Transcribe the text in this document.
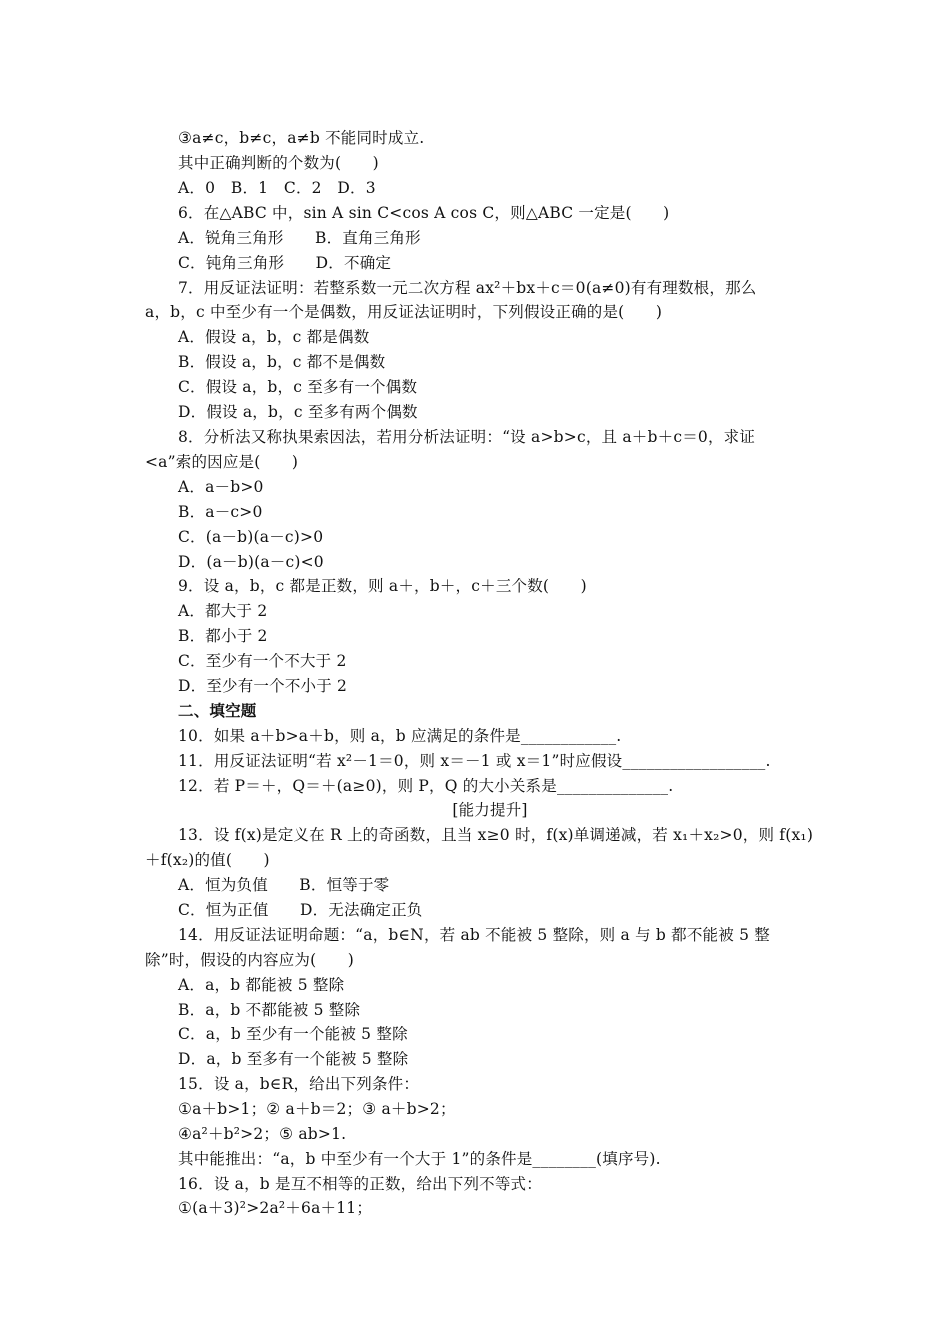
③a≠c，b≠c，a≠b 不能同时成立.
其中正确判断的个数为(　　)
A．0　B．1　C．2　D．3
6．在△ABC 中，sin A sin C<cos A cos C，则△ABC 一定是(　　)
A．锐角三角形　　B．直角三角形
C．钝角三角形　　D．不确定
7．用反证法证明：若整系数一元二次方程 ax²＋bx＋c＝0(a≠0)有有理数根，那么
a，b，c 中至少有一个是偶数，用反证法证明时，下列假设正确的是(　　)
A．假设 a，b，c 都是偶数
B．假设 a，b，c 都不是偶数
C．假设 a，b，c 至多有一个偶数
D．假设 a，b，c 至多有两个偶数
8．分析法又称执果索因法，若用分析法证明：“设 a>b>c，且 a＋b＋c＝0，求证
<a”索的因应是(　　)
A．a－b>0
B．a－c>0
C．(a－b)(a－c)>0
D．(a－b)(a－c)<0
9．设 a，b，c 都是正数，则 a＋，b＋，c＋三个数(　　)
A．都大于 2
B．都小于 2
C．至少有一个不大于 2
D．至少有一个不小于 2
二、填空题
10．如果 a＋b>a＋b，则 a，b 应满足的条件是____________.
11．用反证法证明“若 x²－1＝0，则 x＝－1 或 x＝1”时应假设__________________.
12．若 P＝＋，Q＝＋(a≥0)，则 P，Q 的大小关系是______________.
[能力提升]
13．设 f(x)是定义在 R 上的奇函数，且当 x≥0 时，f(x)单调递减，若 x₁＋x₂>0，则 f(x₁)
＋f(x₂)的值(　　)
A．恒为负值　　B．恒等于零
C．恒为正值　　D．无法确定正负
14．用反证法证明命题：“a，b∈N，若 ab 不能被 5 整除，则 a 与 b 都不能被 5 整
除”时，假设的内容应为(　　)
A．a，b 都能被 5 整除
B．a，b 不都能被 5 整除
C．a，b 至少有一个能被 5 整除
D．a，b 至多有一个能被 5 整除
15．设 a，b∈R，给出下列条件：
①a＋b>1；② a＋b＝2；③ a＋b>2；
④a²＋b²>2；⑤ ab>1.
其中能推出：“a，b 中至少有一个大于 1”的条件是________(填序号).
16．设 a，b 是互不相等的正数，给出下列不等式：
①(a＋3)²>2a²＋6a＋11；
